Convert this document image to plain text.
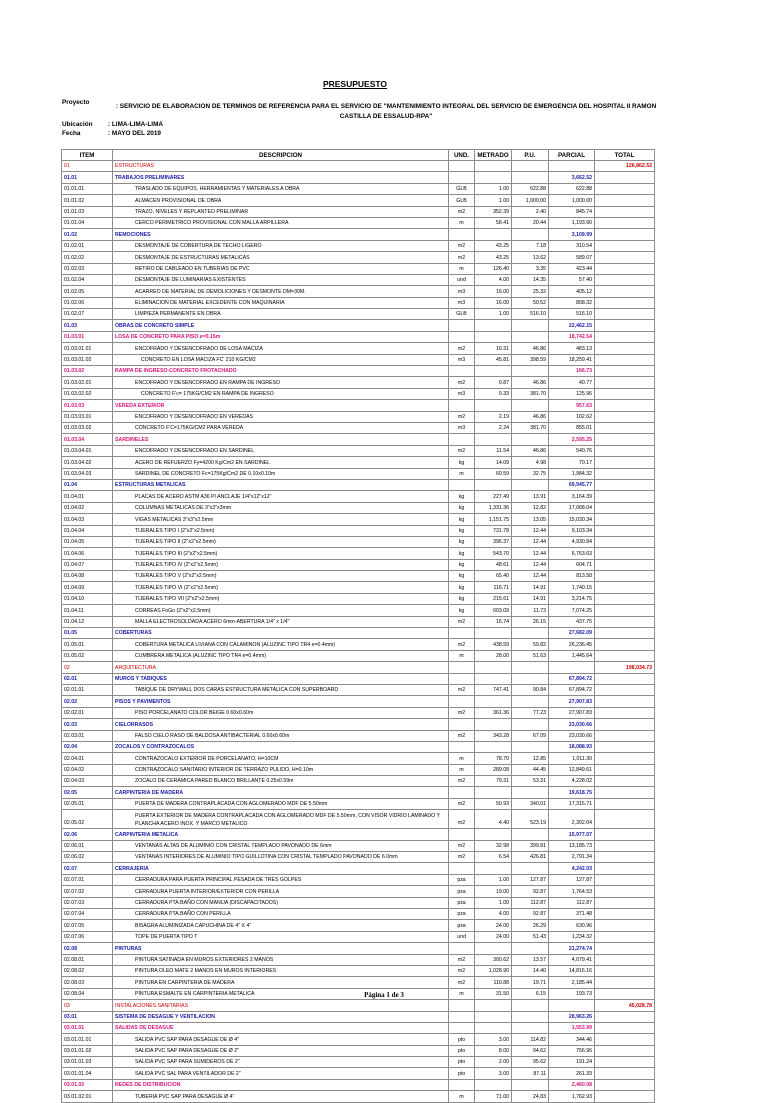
PRESUPUESTO
Proyecto
: SERVICIO DE ELABORACION DE TERMINOS DE REFERENCIA PARA EL SERVICIO DE "MANTENIMIENTO INTEGRAL DEL SERVICIO DE EMERGENCIA DEL HOSPITAL II RAMON CASTILLA DE ESSALUD-RPA"
Ubicación : LIMA-LIMA-LIMA
Fecha	: MAYO DEL 2019
ITEM	DESCRIPCION	UND.	METRADO	P.U.	PARCIAL	TOTAL
01	ESTRUCTURAS					126,862.52
01.01	TRABAJOS PRELIMINARES				3,662.52	
01.01.01	TRASLADO DE EQUIPOS, HERRAMIENTAS Y MATERIALES A OBRA	GLB	1.00	622.88	622.88	
01.01.02	ALMACEN PROVISIONAL DE OBRA	GLB	1.00	1,000.00	1,000.00	
01.01.03	TRAZO, NIVELES Y REPLANTEO PRELIMINAR	m2	352.39	2.40	845.74	
01.01.04	CERCO PERIMETRICO PROVISIONAL CON MALLA ARPILLERA	m	58.41	20.44	1,193.90	
01.02	REMOCIONES				3,109.99	
01.02.01	DESMONTAJE DE COBERTURA DE TECHO LIGERO	m2	43.25	7.18	310.54	
01.02.02	DESMONTAJE DE ESTRUCTURAS METALICAS	m2	43.25	13.62	589.07	
01.02.03	RETIRO DE CABLEADO EN TUBERIAS DE PVC	m	126.40	3.35	423.44	
01.02.04	DESMONTAJE DE LUMINARIAS EXISTENTES	und	4.00	14.35	57.40	
01.02.05	ACARREO DE MATERIAL DE DEMOLICIONES Y DESMONTE DM=30M.	m3	16.00	25.32	405.12	
01.02.06	ELIMINACION DE MATERIAL EXCEDENTE CON MAQUINARIA	m3	16.00	50.52	808.32	
01.02.07	LIMPIEZA PERMANENTE EN OBRA	GLB	1.00	516.10	516.10	
01.03	OBRAS DE CONCRETO SIMPLE				22,462.15	
01.03.01	LOSA DE CONCRETO PARA PISO e=0.15m				18,742.54	
01.03.01.01	ENCOFRADO Y DESENCOFRADO DE LOSA MACIZA	m2	10.31	46.86	483.13	
01.03.01.02	CONCRETO EN LOSA MACIZA FC' 210 KG/CM2	m3	45.81	398.59	18,259.41	
01.03.02	RAMPA DE INGRESO-CONCRETO FROTACHADO				166.73	
01.03.02.01	ENCOFRADO Y DESENCOFRADO EN RAMPA DE INGRESO	m2	0.87	46.86	40.77	
01.03.02.02	CONCRETO F'c= 175KG/CM2 EN RAMPA DE INGRESO	m3	0.33	381.70	125.96	
01.03.03	VEREDA EXTERIOR				957.63	
01.03.03.01	ENCOFRADO Y DESENCOFRADO EN VEREDAS	m2	2.19	46.86	102.62	
01.03.03.02	CONCRETO F'C=175KG/CM2 PARA VEREDA	m3	2.24	381.70	855.01	
01.03.04	SARDINELES				2,595.25	
01.03.04.01	ENCOFRADO Y DESENCOFRADO EN SARDINEL	m2	11.54	46.86	540.76	
01.03.04.02	ACERO DE REFUERZO Fy=4200 Kg/Cm2 EN SARDINEL	kg	14.09	4.98	70.17	
01.03.04.03	SARDINEL DE CONCRETO Fc=175Kg/Cm2 DE 0.10x0.10m	m	60.59	32.75	1,984.32	
01.04	ESTRUCTURAS METALICAS				69,945.77	
01.04.01	PLACAS DE ACERO ASTM A36 P/ ANCLAJE 1/4"x12"x12"	kg	227.49	13.91	3,164.39	
01.04.02	COLUMNAS METALICAS DE 3"x3"x3mm	kg	1,331.36	12.82	17,068.04	
01.04.03	VIGAS METALICAS 3"x3"x2.5mm	kg	1,151.75	13.05	15,030.34	
01.04.04	TIJERALES TIPO I (2"x2"x2.5mm)	kg	731.78	12.44	9,103.34	
01.04.05	TIJERALES TIPO II (2"x2"x2.5mm)	kg	396.37	12.44	4,930.84	
01.04.06	TIJERALES TIPO III (2"x2"x2.5mm)	kg	543.70	12.44	6,763.63	
01.04.07	TIJERALES TIPO IV (2"x2"x2.5mm)	kg	48.61	12.44	604.71	
01.04.08	TIJERALES TIPO V (2"x2"x2.5mm)	kg	65.40	12.44	813.58	
01.04.09	TIJERALES TIPO VI (2"x2"x2.5mm)	kg	116.71	14.91	1,740.15	
01.04.10	TIJERALES TIPO VII (2"x2"x2.5mm)	kg	215.61	14.91	3,214.75	
01.04.11	CORREAS FoGo (2"x2"x2.5mm)	kg	603.09	11.73	7,074.25	
01.04.12	MALLA ELECTROSOLDADA ACERO 6mm-ABERTURA 1/4" x 1/4"	m2	16.74	26.15	437.75	
01.05	COBERTURAS				27,682.09	
01.05.01	COBERTURA METALICA LIVIANA CON CALAMINON (ALUZINC TIPO TR4 e=0.4mm)	m2	438.59	59.82	26,236.45	
01.05.02	CUMBRERA METALICA (ALUZINC TIPO TR4 e=0.4mm)	m	28.00	51.63	1,445.64	
02	ARQUITECTURA					198,034.73
02.01	MUROS Y TABIQUES				67,894.72	
02.01.01	TABIQUE DE DRYWALL DOS CARAS ESTRUCTURA METALICA CON SUPERBOARD	m2	747.41	90.84	67,894.72	
02.02	PISOS Y PAVIMENTOS				27,907.83	
02.02.01	PISO PORCELANATO COLOR BEIGE 0.60x0.60m	m2	361.36	77.23	27,907.83	
02.03	CIELORRASOS				23,030.66	
02.03.01	FALSO CIELO RASO DE BALDOSA ANTIBACTERIAL 0.60x0.60m	m2	343.28	67.09	23,030.66	
02.04	ZOCALOS Y CONTRAZOCALOS				18,088.93	
02.04.01	CONTRAZOCALO EXTERIOR DE PORCELANATO, H=10CM	m	78.70	12.85	1,011.30	
02.04.02	CONTRAZOCALO SANITARIO INTERIOR DE TERRAZO PULIDO, H=0.10m	m	289.08	44.45	12,849.61	
02.04.03	ZOCALO DE CERAMICA PARED BLANCO BRILLANTE 0.25x0.59m	m2	79.31	53.31	4,228.02	
02.05	CARPINTERIA DE MADERA				19,618.75	
02.05.01	PUERTA DE MADERA CONTRAPLACADA CON AGLOMERADO MDF DE 5.50mm	m2	50.93	340.01	17,316.71	
02.05.02	PUERTA EXTERIOR DE MADERA CONTRAPLACADA CON AGLOMERADO MDF DE 5.50mm, CON VISOR VIDRIO LAMINADO Y PLANCHA ACERO INOX. Y MARCO METALICO	m2	4.40	523.19	2,302.04	
02.06	CARPINTERIA METALICA				15,977.07	
02.06.01	VENTANAS ALTAS DE ALUMINIO CON CRISTAL TEMPLADO PAVONADO DE 6mm	m2	32.98	399.81	13,185.73	
02.06.02	VENTANAS INTERIORES DE ALUMINIO TIPO GUILLOTINA CON CRISTAL TEMPLADO PAVONADO DE 6.0mm	m2	6.54	426.81	2,791.34	
02.07	CERRAJERIA				4,242.03	
02.07.01	CERRADURA PARA PUERTA PRINCIPAL PESADA DE TRES GOLPES	pza	1.00	127.87	127.87	
02.07.02	CERRADURA PUERTA INTERIOR/EXTERIOR CON PERILLA	pza	19.00	92.87	1,764.53	
02.07.03	CERRADURA PTA.BAÑO CON MANIJA (DISCAPACITADOS)	pza	1.00	112.87	112.87	
02.07.04	CERRADURA PTA.BAÑO CON PERILLA	pza	4.00	92.87	371.48	
02.07.05	BISAGRA ALUMINIZADA CAPUCHINA DE 4" X 4"	pza	24.00	26.29	630.96	
02.07.06	TOPE DE PUERTA TIPO T	und	24.00	51.43	1,234.32	
02.08	PINTURAS				21,274.74	
02.08.01	PINTURA SATINADA EN MUROS EXTERIORES 2 MANOS	m2	300.62	13.57	4,079.41	
02.08.02	PINTURA OLEO MATE 2 MANOS EN MUROS INTERIORES	m2	1,028.90	14.40	14,816.16	
02.08.03	PINTURA EN CARPINTERIA DE MADERA	m2	110.88	19.71	2,185.44	
02.08.04	PINTURA ESMALTE EN CARPINTERIA METALICA	m	31.50	6.15	193.73	
03	INSTALACIONES SANITARIAS					45,028.78
03.01	SISTEMA DE DESAGUE Y VENTILACION				28,963.26	
03.01.01	SALIDAS DE DESAGUE				1,553.99	
03.01.01.01	SALIDA PVC SAP PARA DESAGUE DE Ø 4"	pto	3.00	114.82	344.46	
03.01.01.02	SALIDA PVC SAP PARA DESAGUE DE Ø 2"	pto	8.00	94.62	756.96	
03.01.01.03	SALIDA PVC SAP PARA SUMIDEROS DE 2"	pto	2.00	95.62	191.24	
03.01.01.04	SALIDA PVC SAL PARA VENTILADOR DE 2"	pto	3.00	87.11	261.33	
03.01.02	REDES DE DISTRIBUCION				2,460.08	
03.01.02.01	TUBERIA PVC SAP PARA DESAGUE Ø 4"	m	71.00	24.83	1,762.93	
Página 1 de 3
